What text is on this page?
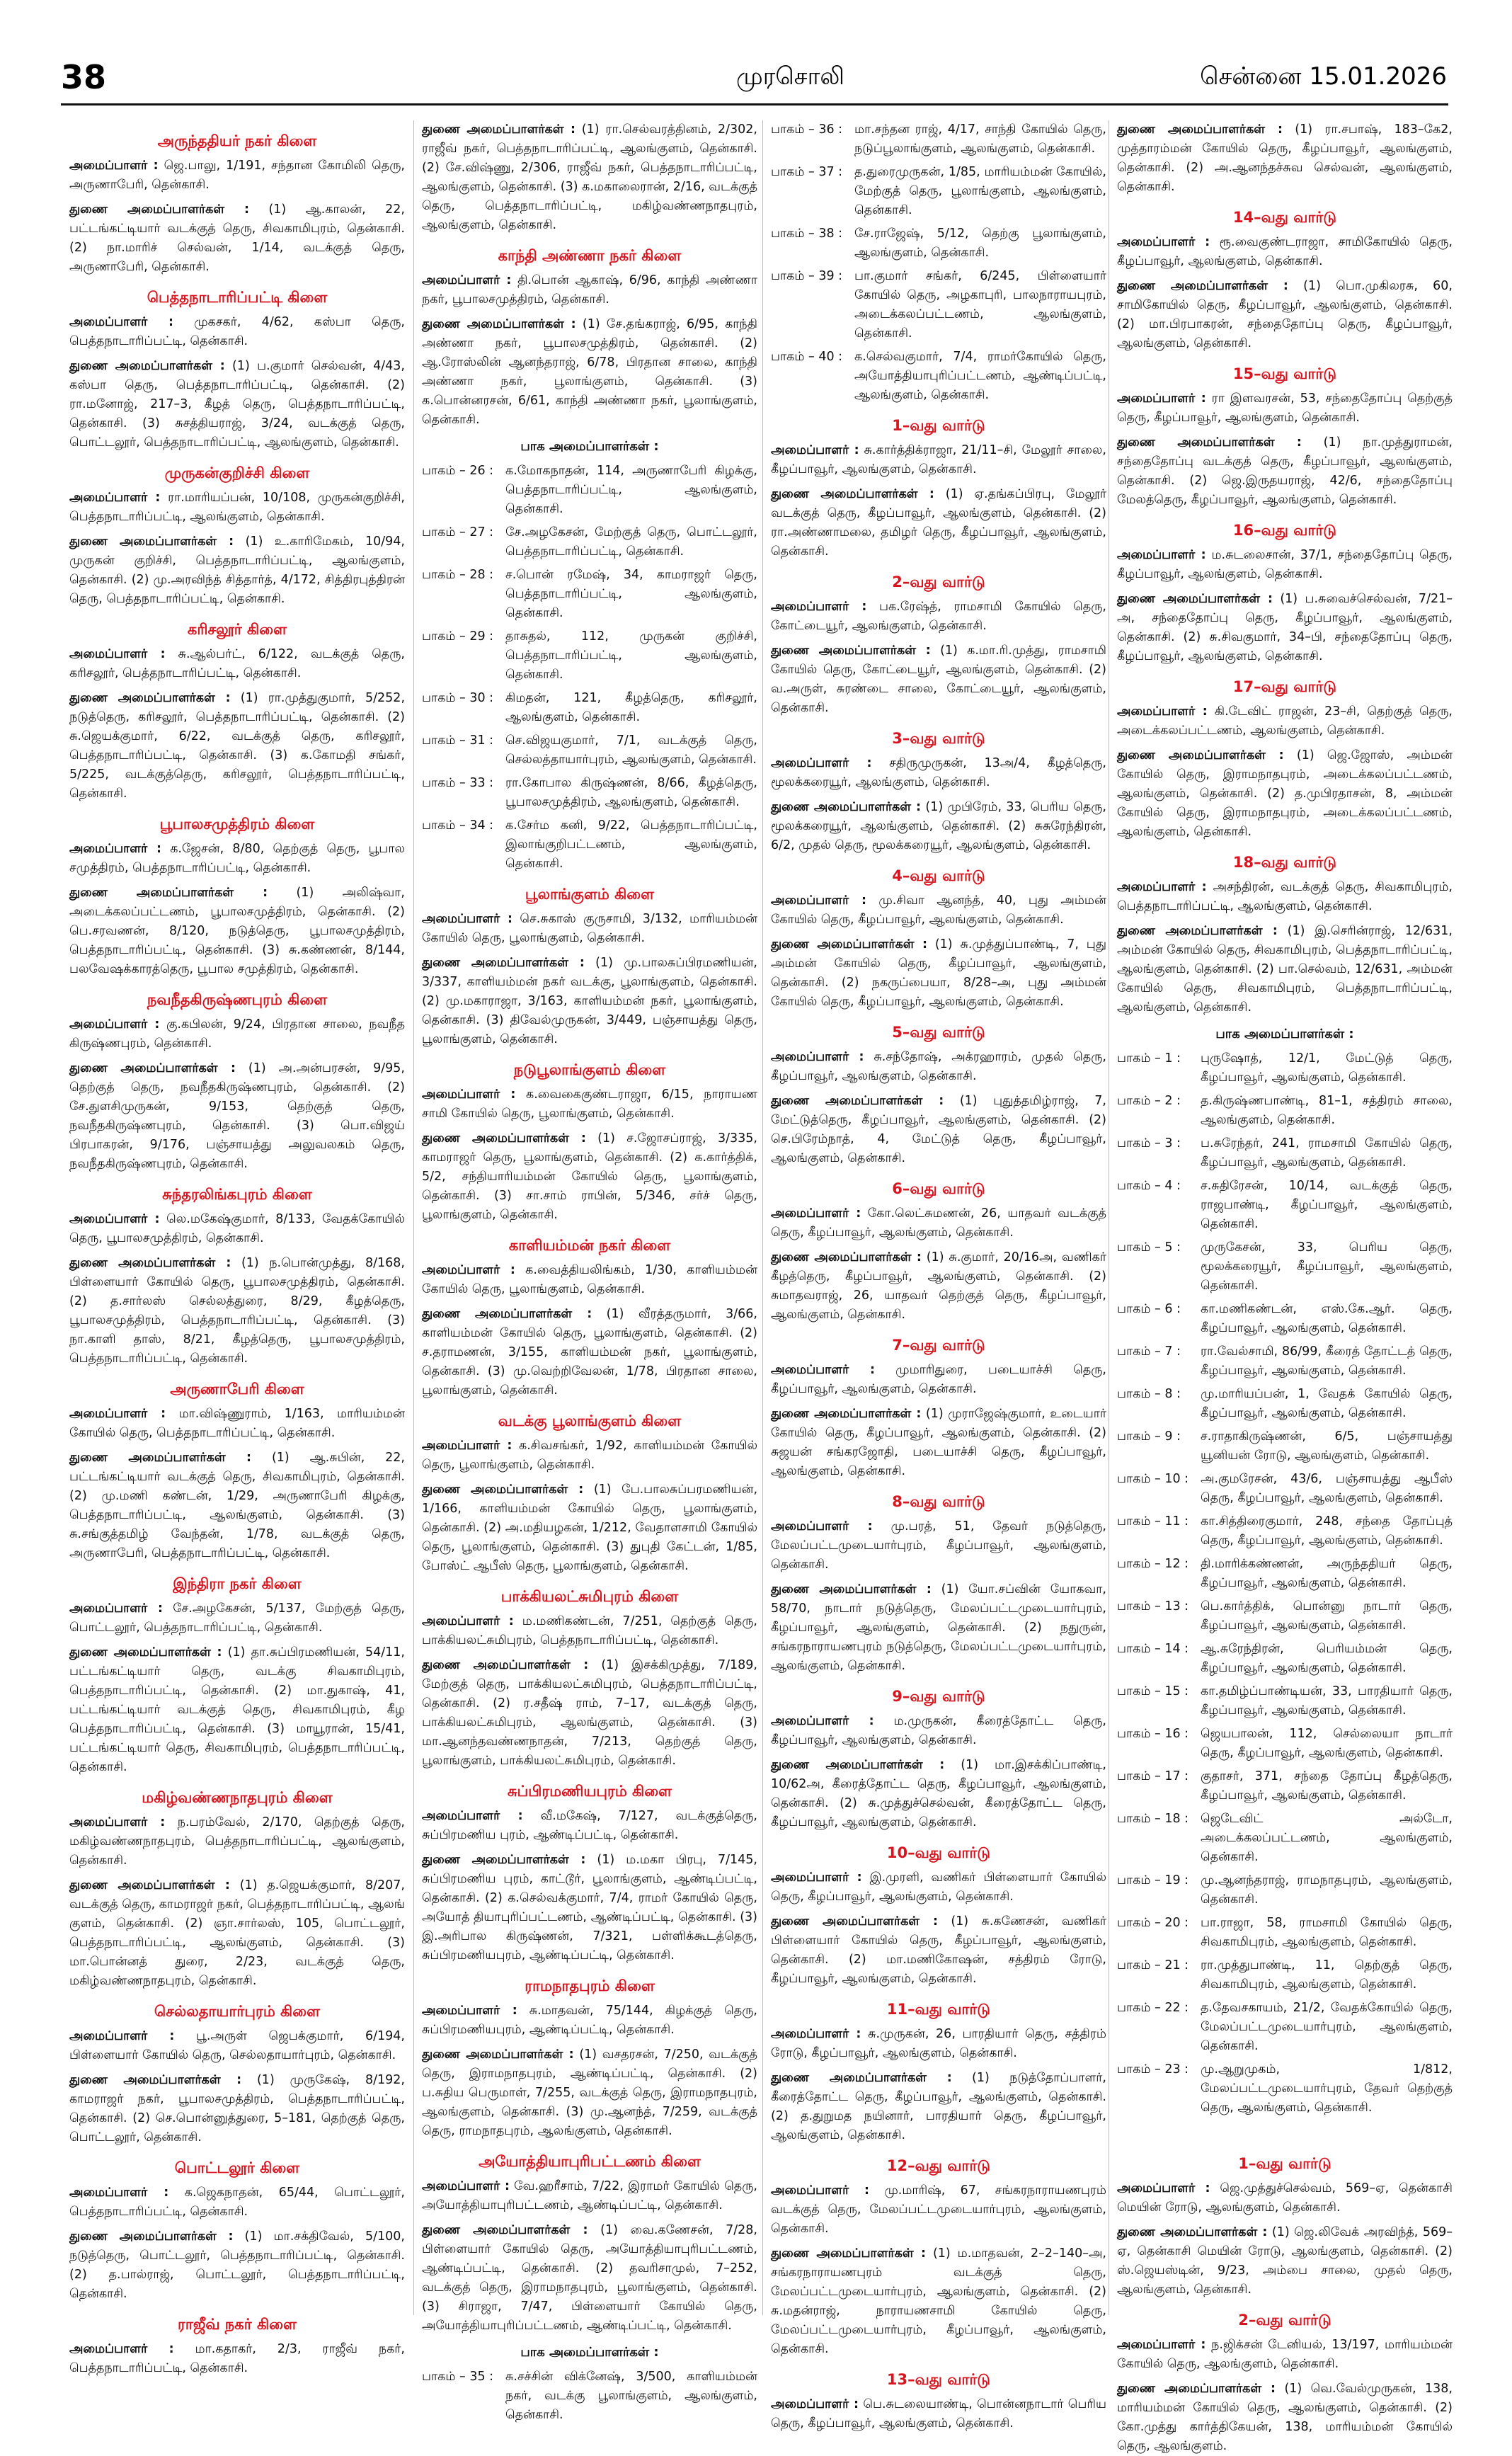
38	முரசொலி	சென்னை 15.01.2026
அருந்ததியர் நகர் கிளை
அமைப்பாளர் : ஜெ.பாலு, 1/191, சந்தான கோமிலி தெரு, அருணாபேரி, தென்காசி.
துணை அமைப்பாளர்கள் : (1) ஆ.காலன், 22, பட்டங்கட்டியார் வடக்குத் தெரு, சிவகாமிபுரம், தென்காசி. (2) நா.மாரிச் செல்வன், 1/14, வடக்குத் தெரு, அருணாபேரி, தென்காசி.
பெத்தநாடாரிப்பட்டி கிளை
அமைப்பாளர் : முகசகர், 4/62, கஸ்பா தெரு, பெத்தநாடாரிப்பட்டி, தென்காசி.
துணை அமைப்பாளர்கள் : (1) ப.குமார் செல்வன், 4/43, கஸ்பா தெரு, பெத்தநாடாரிப்பட்டி, தென்காசி. (2) ரா.மனோஜ், 217–3, கீழத் தெரு, பெத்தநாடாரிப்பட்டி, தென்காசி. (3) சுசத்தியராஜ், 3/24, வடக்குத் தெரு, பொட்டலூர், பெத்தநாடாரிப்பட்டி, ஆலங்குளம், தென்காசி.
முருகன்குறிச்சி கிளை
அமைப்பாளர் : ரா.மாரியப்பன், 10/108, முருகன்குறிச்சி, பெத்தநாடாரிப்பட்டி, ஆலங்குளம், தென்காசி.
துணை அமைப்பாளர்கள் : (1) உ.காரிமேகம், 10/94, முருகன் குறிச்சி, பெத்தநாடாரிப்பட்டி, ஆலங்குளம், தென்காசி. (2) மு.அரவிந்த் சித்தார்த், 4/172, சித்திரபுத்திரன் தெரு, பெத்தநாடாரிப்பட்டி, தென்காசி.
கரிசலூர் கிளை
அமைப்பாளர் : சு.ஆல்பர்ட், 6/122, வடக்குத் தெரு, கரிசலூர், பெத்தநாடாரிப்பட்டி, தென்காசி.
துணை அமைப்பாளர்கள் : (1) ரா.முத்துகுமார், 5/252, நடுத்தெரு, கரிசலூர், பெத்தநாடாரிப்பட்டி, தென்காசி. (2) சு.ஜெயக்குமார், 6/22, வடக்குத் தெரு, கரிசலூர், பெத்தநாடாரிப்பட்டி, தென்காசி. (3) க.கோமதி சங்கர், 5/225, வடக்குத்தெரு, கரிசலூர், பெத்தநாடாரிப்பட்டி, தென்காசி.
பூபாலசமுத்திரம் கிளை
அமைப்பாளர் : க.ஜேசன், 8/80, தெற்குத் தெரு, பூபால சமுத்திரம், பெத்தநாடாரிப்பட்டி, தென்காசி.
துணை அமைப்பாளர்கள் : (1) அலிஷ்வா, அடைக்கலப்பட்டணம், பூபாலசமுத்திரம், தென்காசி. (2) பெ.சரவணன், 8/120, நடுத்தெரு, பூபாலசமுத்திரம், பெத்தநாடாரிப்பட்டி, தென்காசி. (3) சு.கண்ணன், 8/144, பலவேஷக்காரத்தெரு, பூபால சமுத்திரம், தென்காசி.
நவநீதகிருஷ்ணபுரம் கிளை
அமைப்பாளர் : கு.கபிலன், 9/24, பிரதான சாலை, நவநீத கிருஷ்ணபுரம், தென்காசி.
துணை அமைப்பாளர்கள் : (1) அ.அன்பரசன், 9/95, தெற்குத் தெரு, நவநீதகிருஷ்ணபுரம், தென்காசி. (2) சே.துளசிமுருகன், 9/153, தெற்குத் தெரு, நவநீதகிருஷ்ணபுரம், தென்காசி. (3) பொ.விஜய் பிரபாகரன், 9/176, பஞ்சாயத்து அலுவலகம் தெரு, நவநீதகிருஷ்ணபுரம், தென்காசி.
சுந்தரலிங்கபுரம் கிளை
அமைப்பாளர் : லெ.மகேஷ்குமார், 8/133, வேதக்கோயில் தெரு, பூபாலசமுத்திரம், தென்காசி.
துணை அமைப்பாளர்கள் : (1) ந.பொன்முத்து, 8/168, பிள்ளையார் கோயில் தெரு, பூபாலசமுத்திரம், தென்காசி. (2) த.சார்லஸ் செல்லத்துரை, 8/29, கீழத்தெரு, பூபாலசமுத்திரம், பெத்தநாடாரிப்பட்டி, தென்காசி. (3) நா.காளி தாஸ், 8/21, கீழத்தெரு, பூபாலசமுத்திரம், பெத்தநாடாரிப்பட்டி, தென்காசி.
அருணாபேரி கிளை
அமைப்பாளர் : மா.விஷ்ணுராம், 1/163, மாரியம்மன் கோயில் தெரு, பெத்தநாடாரிப்பட்டி, தென்காசி.
துணை அமைப்பாளர்கள் : (1) ஆ.சுபின், 22, பட்டங்கட்டியார் வடக்குத் தெரு, சிவகாமிபுரம், தென்காசி. (2) மு.மணி கண்டன், 1/29, அருணாபேரி கிழக்கு, பெத்தநாடாரிப்பட்டி, ஆலங்குளம், தென்காசி. (3) சு.சங்குத்தமிழ் வேந்தன், 1/78, வடக்குத் தெரு, அருணாபேரி, பெத்தநாடாரிப்பட்டி, தென்காசி.
இந்திரா நகர் கிளை
அமைப்பாளர் : சே.அழகேசன், 5/137, மேற்குத் தெரு, பொட்டலூர், பெத்தநாடாரிப்பட்டி, தென்காசி.
துணை அமைப்பாளர்கள் : (1) தா.சுப்பிரமணியன், 54/11, பட்டங்கட்டியார் தெரு, வடக்கு சிவகாமிபுரம், பெத்தநாடாரிப்பட்டி, தென்காசி. (2) மா.துகாஷ், 41, பட்டங்கட்டியார் வடக்குத் தெரு, சிவகாமிபுரம், கீழ பெத்தநாடாரிப்பட்டி, தென்காசி. (3) மாயூரான், 15/41, பட்டங்கட்டியார் தெரு, சிவகாமிபுரம், பெத்தநாடாரிப்பட்டி, தென்காசி.
மகிழ்வண்ணநாதபுரம் கிளை
அமைப்பாளர் : ந.பரம்வேல், 2/170, தெற்குத் தெரு, மகிழ்வண்ணநாதபுரம், பெத்தநாடாரிப்பட்டி, ஆலங்குளம், தென்காசி.
துணை அமைப்பாளர்கள் : (1) த.ஜெயக்குமார், 8/207, வடக்குத் தெரு, காமராஜர் நகர், பெத்தநாடாரிப்பட்டி, ஆலங் குளம், தென்காசி. (2) ஞா.சார்லஸ், 105, பொட்டலூர், பெத்தநாடாரிப்பட்டி, ஆலங்குளம், தென்காசி. (3) மா.பொன்னத் துரை, 2/23, வடக்குத் தெரு, மகிழ்வண்ணநாதபுரம், தென்காசி.
செல்லதாயார்புரம் கிளை
அமைப்பாளர் : பூ.அருள் ஜெபக்குமார், 6/194, பிள்ளையார் கோயில் தெரு, செல்லதாயார்புரம், தென்காசி.
துணை அமைப்பாளர்கள் : (1) முருகேஷ், 8/192, காமராஜர் நகர், பூபாலசமுத்திரம், பெத்தநாடாரிப்பட்டி, தென்காசி. (2) செ.பொன்னுத்துரை, 5–181, தெற்குத் தெரு, பொட்டலூர், தென்காசி.
பொட்டலூர் கிளை
அமைப்பாளர் : க.ஜெகநாதன், 65/44, பொட்டலூர், பெத்தநாடாரிப்பட்டி, தென்காசி.
துணை அமைப்பாளர்கள் : (1) மா.சக்திவேல், 5/100, நடுத்தெரு, பொட்டலூர், பெத்தநாடாரிப்பட்டி, தென்காசி. (2) த.பால்ராஜ், பொட்டலூர், பெத்தநாடாரிப்பட்டி, தென்காசி.
ராஜீவ் நகர் கிளை
அமைப்பாளர் : மா.கதாகர், 2/3, ராஜீவ் நகர், பெத்தநாடாரிப்பட்டி, தென்காசி.
துணை அமைப்பாளர்கள் : (1) ரா.செல்வரத்தினம், 2/302, ராஜீவ் நகர், பெத்தநாடாரிப்பட்டி, ஆலங்குளம், தென்காசி. (2) சே.விஷ்ணு, 2/306, ராஜீவ் நகர், பெத்தநாடாரிப்பட்டி, ஆலங்குளம், தென்காசி. (3) க.மகாலைரான், 2/16, வடக்குத் தெரு, பெத்தநாடாரிப்பட்டி, மகிழ்வண்ணநாதபுரம், ஆலங்குளம், தென்காசி.
காந்தி அண்ணா நகர் கிளை
அமைப்பாளர் : தி.பொன் ஆகாஷ், 6/96, காந்தி அண்ணா நகர், பூபாலசமுத்திரம், தென்காசி.
துணை அமைப்பாளர்கள் : (1) சே.தங்கராஜ், 6/95, காந்தி அண்ணா நகர், பூபாலசமுத்திரம், தென்காசி. (2) ஆ.ரோஸ்லின் ஆனந்தராஜ், 6/78, பிரதான சாலை, காந்தி அண்ணா நகர், பூலாங்குளம், தென்காசி. (3) க.பொன்னரசன், 6/61, காந்தி அண்ணா நகர், பூலாங்குளம், தென்காசி.
பாக அமைப்பாளர்கள் :
பாகம் – 26 : க.மோகநாதன், 114, அருணாபேரி கிழக்கு, பெத்தநாடாரிப்பட்டி, ஆலங்குளம், தென்காசி.
பாகம் – 27 : சே.அழகேசன், மேற்குத் தெரு, பொட்டலூர், பெத்தநாடாரிப்பட்டி, தென்காசி.
பாகம் – 28 : ச.பொன் ரமேஷ், 34, காமராஜர் தெரு, பெத்தநாடாரிப்பட்டி, ஆலங்குளம், தென்காசி.
பாகம் – 29 : தாசுதல், 112, முருகன் குறிச்சி, பெத்தநாடாரிப்பட்டி, ஆலங்குளம், தென்காசி.
பாகம் – 30 : கிமதன், 121, கீழத்தெரு, கரிசலூர், ஆலங்குளம், தென்காசி.
பாகம் – 31 : செ.விஜயகுமார், 7/1, வடக்குத் தெரு, செல்லத்தாயார்புரம், ஆலங்குளம், தென்காசி.
பாகம் – 33 : ரா.கோபால கிருஷ்ணன், 8/66, கீழத்தெரு, பூபாலசமுத்திரம், ஆலங்குளம், தென்காசி.
பாகம் – 34 : க.சேர்ம கனி, 9/22, பெத்தநாடாரிப்பட்டி, இலாங்குறிபட்டணம், ஆலங்குளம், தென்காசி.
பூலாங்குளம் கிளை
அமைப்பாளர் : செ.சுகாஸ் குருசாமி, 3/132, மாரியம்மன் கோயில் தெரு, பூலாங்குளம், தென்காசி.
துணை அமைப்பாளர்கள் : (1) மு.பாலசுப்பிரமணியன், 3/337, காளியம்மன் நகர் வடக்கு, பூலாங்குளம், தென்காசி. (2) மு.மகாராஜா, 3/163, காளியம்மன் நகர், பூலாங்குளம், தென்காசி. (3) திவேல்முருகன், 3/449, பஞ்சாயத்து தெரு, பூலாங்குளம், தென்காசி.
நடுபூலாங்குளம் கிளை
அமைப்பாளர் : க.வைகைகுண்டராஜா, 6/15, நாராயண சாமி கோயில் தெரு, பூலாங்குளம், தென்காசி.
துணை அமைப்பாளர்கள் : (1) ச.ஜோசப்ராஜ், 3/335, காமராஜர் தெரு, பூலாங்குளம், தென்காசி. (2) க.கார்த்திக், 5/2, சந்தியாரியம்மன் கோயில் தெரு, பூலாங்குளம், தென்காசி. (3) சா.சாம் ராபின், 5/346, சர்ச் தெரு, பூலாங்குளம், தென்காசி.
காளியம்மன் நகர் கிளை
அமைப்பாளர் : க.வைத்தியலிங்கம், 1/30, காளியம்மன் கோயில் தெரு, பூலாங்குளம், தென்காசி.
துணை அமைப்பாளர்கள் : (1) வீரத்தருமார், 3/66, காளியம்மன் கோயில் தெரு, பூலாங்குளம், தென்காசி. (2) ச.தராமணன், 3/155, காளியம்மன் நகர், பூலாங்குளம், தென்காசி. (3) மு.வெற்றிவேலன், 1/78, பிரதான சாலை, பூலாங்குளம், தென்காசி.
வடக்கு பூலாங்குளம் கிளை
அமைப்பாளர் : க.சிவசங்கர், 1/92, காளியம்மன் கோயில் தெரு, பூலாங்குளம், தென்காசி.
துணை அமைப்பாளர்கள் : (1) பே.பாலசுப்பரமணியன், 1/166, காளியம்மன் கோயில் தெரு, பூலாங்குளம், தென்காசி. (2) அ.மதியழகன், 1/212, வேதாளசாமி கோயில் தெரு, பூலாங்குளம், தென்காசி. (3) துபுதி கேட்டன், 1/85, போஸ்ட் ஆபீஸ் தெரு, பூலாங்குளம், தென்காசி.
பாக்கியலட்சுமிபுரம் கிளை
அமைப்பாளர் : ம.மணிகண்டன், 7/251, தெற்குத் தெரு, பாக்கியலட்சுமிபுரம், பெத்தநாடாரிப்பட்டி, தென்காசி.
துணை அமைப்பாளர்கள் : (1) இசக்கிமுத்து, 7/189, மேற்குத் தெரு, பாக்கியலட்சுமிபுரம், பெத்தநாடாரிப்பட்டி, தென்காசி. (2) ர.சதீஷ் ராம், 7–17, வடக்குத் தெரு, பாக்கியலட்சுமிபுரம், ஆலங்குளம், தென்காசி. (3) மா.ஆனந்தவண்ணநாதன், 7/213, தெற்குத் தெரு, பூலாங்குளம், பாக்கியலட்சுமிபுரம், தென்காசி.
சுப்பிரமணியபுரம் கிளை
அமைப்பாளர் : வீ.மகேஷ், 7/127, வடக்குத்தெரு, சுப்பிரமணிய புரம், ஆண்டிப்பட்டி, தென்காசி.
துணை அமைப்பாளர்கள் : (1) ம.மகா பிரபு, 7/145, சுப்பிரமணிய புரம், காட்டூர், பூலாங்குளம், ஆண்டிப்பட்டி, தென்காசி. (2) க.செல்வக்குமார், 7/4, ராமர் கோயில் தெரு, அயோத் தியாபுரிப்பட்டணம், ஆண்டிப்பட்டி, தென்காசி. (3) இ.அரிபால கிருஷ்ணன், 7/321, பள்ளிக்கூடத்தெரு, சுப்பிரமணியபுரம், ஆண்டிப்பட்டி, தென்காசி.
ராமநாதபுரம் கிளை
அமைப்பாளர் : சு.மாதவன், 75/144, கிழக்குத் தெரு, சுப்பிரமணியபுரம், ஆண்டிப்பட்டி, தென்காசி.
துணை அமைப்பாளர்கள் : (1) வசதரசன், 7/250, வடக்குத் தெரு, இராமநாதபுரம், ஆண்டிப்பட்டி, தென்காசி. (2) ப.சுதிய பெருமாள், 7/255, வடக்குத் தெரு, இராமநாதபுரம், ஆலங்குளம், தென்காசி. (3) மு.ஆனந்த், 7/259, வடக்குத் தெரு, ராமநாதபுரம், ஆலங்குளம், தென்காசி.
அயோத்தியாபுரிபட்டணம் கிளை
அமைப்பாளர் : வே.ஹரீசாம், 7/22, இராமர் கோயில் தெரு, அயோத்தியாபுரிபட்டணம், ஆண்டிப்பட்டி, தென்காசி.
துணை அமைப்பாளர்கள் : (1) வை.கணேசன், 7/28, பிள்ளையார் கோயில் தெரு, அயோத்தியாபுரிபட்டணம், ஆண்டிப்பட்டி, தென்காசி. (2) தவரிசாமுல், 7–252, வடக்குத் தெரு, இராமநாதபுரம், பூலாங்குளம், தென்காசி. (3) சிராஜா, 7/47, பிள்ளையார் கோயில் தெரு, அயோத்தியாபுரிப்பட்டணம், ஆண்டிப்பட்டி, தென்காசி.
பாக அமைப்பாளர்கள் :
பாகம் – 35 : சு.சச்சின் விக்னேஷ், 3/500, காளியம்மன் நகர், வடக்கு பூலாங்குளம், ஆலங்குளம், தென்காசி.
பாகம் – 36 : மா.சந்தன ராஜ், 4/17, சாந்தி கோயில் தெரு, நடுப்பூலாங்குளம், ஆலங்குளம், தென்காசி.
பாகம் – 37 : த.துரைமுருகன், 1/85, மாரியம்மன் கோயில், மேற்குத் தெரு, பூலாங்குளம், ஆலங்குளம், தென்காசி.
பாகம் – 38 : சே.ராஜேஷ், 5/12, தெற்கு பூலாங்குளம், ஆலங்குளம், தென்காசி.
பாகம் – 39 : பா.குமார் சங்கர், 6/245, பிள்ளையார் கோயில் தெரு, அழகாபுரி, பாலநாராயபுரம், அடைக்கலப்பட்டணம், ஆலங்குளம், தென்காசி.
பாகம் – 40 : க.செல்வகுமார், 7/4, ராமர்கோயில் தெரு, அயோத்தியாபுரிப்பட்டணம், ஆண்டிப்பட்டி, ஆலங்குளம், தென்காசி.
1–வது வார்டு
அமைப்பாளர் : சு.கார்த்திக்ராஜா, 21/11–சி, மேலூர் சாலை, கீழப்பாவூர், ஆலங்குளம், தென்காசி.
துணை அமைப்பாளர்கள் : (1) ஏ.தங்கப்பிரபு, மேலூர் வடக்குத் தெரு, கீழப்பாவூர், ஆலங்குளம், தென்காசி. (2) ரா.அண்ணாமலை, தமிழர் தெரு, கீழப்பாவூர், ஆலங்குளம், தென்காசி.
2–வது வார்டு
அமைப்பாளர் : பக.ரேஷ்த், ராமசாமி கோயில் தெரு, கோட்டையூர், ஆலங்குளம், தென்காசி.
துணை அமைப்பாளர்கள் : (1) க.மா.ரி.முத்து, ராமசாமி கோயில் தெரு, கோட்டையூர், ஆலங்குளம், தென்காசி. (2) வ.அருள், சுரண்டை சாலை, கோட்டையூர், ஆலங்குளம், தென்காசி.
3–வது வார்டு
அமைப்பாளர் : சதிருமுருகன், 13அ/4, கீழத்தெரு, மூலக்கரையூர், ஆலங்குளம், தென்காசி.
துணை அமைப்பாளர்கள் : (1) முபிரேம், 33, பெரிய தெரு, மூலக்கரையூர், ஆலங்குளம், தென்காசி. (2) சுசுரேந்திரன், 6/2, முதல் தெரு, மூலக்கரையூர், ஆலங்குளம், தென்காசி.
4–வது வார்டு
அமைப்பாளர் : மு.சிவா ஆனந்த், 40, புது அம்மன் கோயில் தெரு, கீழப்பாவூர், ஆலங்குளம், தென்காசி.
துணை அமைப்பாளர்கள் : (1) சு.முத்துப்பாண்டி, 7, புது அம்மன் கோயில் தெரு, கீழப்பாவூர், ஆலங்குளம், தென்காசி. (2) நகருப்பையா, 8/28–அ, புது அம்மன் கோயில் தெரு, கீழப்பாவூர், ஆலங்குளம், தென்காசி.
5–வது வார்டு
அமைப்பாளர் : சு.சந்தோஷ், அக்ரஹாரம், முதல் தெரு, கீழப்பாவூர், ஆலங்குளம், தென்காசி.
துணை அமைப்பாளர்கள் : (1) புதுத்தமிழ்ராஜ், 7, மேட்டுத்தெரு, கீழப்பாவூர், ஆலங்குளம், தென்காசி. (2) செ.பிரேம்நாத், 4, மேட்டுத் தெரு, கீழப்பாவூர், ஆலங்குளம், தென்காசி.
6–வது வார்டு
அமைப்பாளர் : கோ.லெட்சுமணன், 26, யாதவர் வடக்குத் தெரு, கீழப்பாவூர், ஆலங்குளம், தென்காசி.
துணை அமைப்பாளர்கள் : (1) சு.குமார், 20/16அ, வணிகர் கீழத்தெரு, கீழப்பாவூர், ஆலங்குளம், தென்காசி. (2) சுமாதவராஜ், 26, யாதவர் தெற்குத் தெரு, கீழப்பாவூர், ஆலங்குளம், தென்காசி.
7–வது வார்டு
அமைப்பாளர் : முமாரிதுரை, படையாச்சி தெரு, கீழப்பாவூர், ஆலங்குளம், தென்காசி.
துணை அமைப்பாளர்கள் : (1) முராஜேஷ்குமார், உடையார் கோயில் தெரு, கீழப்பாவூர், ஆலங்குளம், தென்காசி. (2) சுஜயன் சங்கரஜோதி, படையாச்சி தெரு, கீழப்பாவூர், ஆலங்குளம், தென்காசி.
8–வது வார்டு
அமைப்பாளர் : மு.பரத், 51, தேவர் நடுத்தெரு, மேலப்பட்டமுடையார்புரம், கீழப்பாவூர், ஆலங்குளம், தென்காசி.
துணை அமைப்பாளர்கள் : (1) யோ.சப்வின் யோகவா, 58/70, நாடார் நடுத்தெரு, மேலப்பட்டமுடையார்புரம், கீழப்பாவூர், ஆலங்குளம், தென்காசி. (2) நதுருன், சங்கரநாராயணபுரம் நடுத்தெரு, மேலப்பட்டமுடையார்புரம், ஆலங்குளம், தென்காசி.
9–வது வார்டு
அமைப்பாளர் : ம.முருகன், கீரைத்தோட்ட தெரு, கீழப்பாவூர், ஆலங்குளம், தென்காசி.
துணை அமைப்பாளர்கள் : (1) மா.இசக்கிப்பாண்டி, 10/62அ, கீரைத்தோட்ட தெரு, கீழப்பாவூர், ஆலங்குளம், தென்காசி. (2) சு.முத்துச்செல்வன், கீரைத்தோட்ட தெரு, கீழப்பாவூர், ஆலங்குளம், தென்காசி.
10–வது வார்டு
அமைப்பாளர் : இ.முரளி, வணிகர் பிள்ளையார் கோயில் தெரு, கீழப்பாவூர், ஆலங்குளம், தென்காசி.
துணை அமைப்பாளர்கள் : (1) சு.கணேசன், வணிகர் பிள்ளையார் கோயில் தெரு, கீழப்பாவூர், ஆலங்குளம், தென்காசி. (2) மா.மணிகோஷன், சத்திரம் ரோடு, கீழப்பாவூர், ஆலங்குளம், தென்காசி.
11–வது வார்டு
அமைப்பாளர் : சு.முருகன், 26, பாரதியார் தெரு, சத்திரம் ரோடு, கீழப்பாவூர், ஆலங்குளம், தென்காசி.
துணை அமைப்பாளர்கள் : (1) நடுத்தோப்பாளர், கீரைத்தோட்ட தெரு, கீழப்பாவூர், ஆலங்குளம், தென்காசி. (2) த.துறுமத நயினார், பாரதியார் தெரு, கீழப்பாவூர், ஆலங்குளம், தென்காசி.
12–வது வார்டு
அமைப்பாளர் : மு.மாரிஷ், 67, சங்கரநாராயணபுரம் வடக்குத் தெரு, மேலப்பட்டமுடையார்புரம், ஆலங்குளம், தென்காசி.
துணை அமைப்பாளர்கள் : (1) ம.மாதவன், 2–2–140–அ, சங்கரநாராயணபுரம் வடக்குத் தெரு, மேலப்பட்டமுடையார்புரம், ஆலங்குளம், தென்காசி. (2) சு.மதன்ராஜ், நாராயணசாமி கோயில் தெரு, மேலப்பட்டமுடையார்புரம், கீழப்பாவூர், ஆலங்குளம், தென்காசி.
13–வது வார்டு
அமைப்பாளர் : பெ.சுடலையாண்டி, பொன்னநாடார் பெரிய தெரு, கீழப்பாவூர், ஆலங்குளம், தென்காசி.
துணை அமைப்பாளர்கள் : (1) ரா.சபாஷ், 183–கே2, முத்தாரம்மன் கோயில் தெரு, கீழப்பாவூர், ஆலங்குளம், தென்காசி. (2) அ.ஆனந்தச்சுவ செல்வன், ஆலங்குளம், தென்காசி.
14–வது வார்டு
அமைப்பாளர் : ரூ.வைகுண்டராஜா, சாமிகோயில் தெரு, கீழப்பாவூர், ஆலங்குளம், தென்காசி.
துணை அமைப்பாளர்கள் : (1) பொ.முகிலரசு, 60, சாமிகோயில் தெரு, கீழப்பாவூர், ஆலங்குளம், தென்காசி. (2) மா.பிரபாகரன், சந்தைதோப்பு தெரு, கீழப்பாவூர், ஆலங்குளம், தென்காசி.
15–வது வார்டு
அமைப்பாளர் : ரா இளவரசன், 53, சந்தைதோப்பு தெற்குத் தெரு, கீழப்பாவூர், ஆலங்குளம், தென்காசி.
துணை அமைப்பாளர்கள் : (1) நா.முத்துராமன், சந்தைதோப்பு வடக்குத் தெரு, கீழப்பாவூர், ஆலங்குளம், தென்காசி. (2) ஜெ.இருதயராஜ், 42/6, சந்தைதோப்பு மேலத்தெரு, கீழப்பாவூர், ஆலங்குளம், தென்காசி.
16–வது வார்டு
அமைப்பாளர் : ம.சுடலைசான், 37/1, சந்தைதோப்பு தெரு, கீழப்பாவூர், ஆலங்குளம், தென்காசி.
துணை அமைப்பாளர்கள் : (1) ப.சுவைச்செல்வன், 7/21–அ, சந்தைதோப்பு தெரு, கீழப்பாவூர், ஆலங்குளம், தென்காசி. (2) சு.சிவகுமார், 34–பி, சந்தைதோப்பு தெரு, கீழப்பாவூர், ஆலங்குளம், தென்காசி.
17–வது வார்டு
அமைப்பாளர் : கி.டேவிட் ராஜன், 23–சி, தெற்குத் தெரு, அடைக்கலப்பட்டணம், ஆலங்குளம், தென்காசி.
துணை அமைப்பாளர்கள் : (1) ஜெ.ஜோஸ், அம்மன் கோயில் தெரு, இராமநாதபுரம், அடைக்கலப்பட்டணம், ஆலங்குளம், தென்காசி. (2) த.முபிரதாசன், 8, அம்மன் கோயில் தெரு, இராமநாதபுரம், அடைக்கலப்பட்டணம், ஆலங்குளம், தென்காசி.
18–வது வார்டு
அமைப்பாளர் : அசந்திரன், வடக்குத் தெரு, சிவகாமிபுரம், பெத்தநாடாரிப்பட்டி, ஆலங்குளம், தென்காசி.
துணை அமைப்பாளர்கள் : (1) இ.செரின்ராஜ், 12/631, அம்மன் கோயில் தெரு, சிவகாமிபுரம், பெத்தநாடாரிப்பட்டி, ஆலங்குளம், தென்காசி. (2) பா.செல்வம், 12/631, அம்மன் கோயில் தெரு, சிவகாமிபுரம், பெத்தநாடாரிப்பட்டி, ஆலங்குளம், தென்காசி.
பாக அமைப்பாளர்கள் :
பாகம் – 1 :	புருஷோத், 12/1, மேட்டுத் தெரு, கீழப்பாவூர், ஆலங்குளம், தென்காசி.
பாகம் – 2 :	த.கிருஷ்ணபாண்டி, 81–1, சத்திரம் சாலை, ஆலங்குளம், தென்காசி.
பாகம் – 3 :	ப.சுரேந்தர், 241, ராமசாமி கோயில் தெரு, கீழப்பாவூர், ஆலங்குளம், தென்காசி.
பாகம் – 4 :	ச.சுதிரேசன், 10/14, வடக்குத் தெரு, ராஜபாண்டி, கீழப்பாவூர், ஆலங்குளம், தென்காசி.
பாகம் – 5 :	முருகேசன், 33, பெரிய தெரு, மூலக்கரையூர், கீழப்பாவூர், ஆலங்குளம், தென்காசி.
பாகம் – 6 :	கா.மணிகண்டன், எஸ்.கே.ஆர். தெரு, கீழப்பாவூர், ஆலங்குளம், தென்காசி.
பாகம் – 7 :	ரா.வேல்சாமி, 86/99, கீரைத் தோட்டத் தெரு, கீழப்பாவூர், ஆலங்குளம், தென்காசி.
பாகம் – 8 :	மு.மாரியப்பன், 1, வேதக் கோயில் தெரு, கீழப்பாவூர், ஆலங்குளம், தென்காசி.
பாகம் – 9 :	ச.ராதாகிருஷ்ணன், 6/5, பஞ்சாயத்து யூனியன் ரோடு, ஆலங்குளம், தென்காசி.
பாகம் – 10 : அ.குமரேசன், 43/6, பஞ்சாயத்து ஆபீஸ் தெரு, கீழப்பாவூர், ஆலங்குளம், தென்காசி.
பாகம் – 11 : கா.சித்திரைகுமார், 248, சந்தை தோப்புத் தெரு, கீழப்பாவூர், ஆலங்குளம், தென்காசி.
பாகம் – 12 : தி.மாரிக்கண்ணன், அருந்ததியர் தெரு, கீழப்பாவூர், ஆலங்குளம், தென்காசி.
பாகம் – 13 : பெ.கார்த்திக், பொன்னு நாடார் தெரு, கீழப்பாவூர், ஆலங்குளம், தென்காசி.
பாகம் – 14 : ஆ.சுரேந்திரன், பெரியம்மன் தெரு, கீழப்பாவூர், ஆலங்குளம், தென்காசி.
பாகம் – 15 : கா.தமிழ்ப்பாண்டியன், 33, பாரதியார் தெரு, கீழப்பாவூர், ஆலங்குளம், தென்காசி.
பாகம் – 16 : ஜெயபாலன், 112, செல்லையா நாடார் தெரு, கீழப்பாவூர், ஆலங்குளம், தென்காசி.
பாகம் – 17 : குதாசர், 371, சந்தை தோப்பு கீழத்தெரு, கீழப்பாவூர், ஆலங்குளம், தென்காசி.
பாகம் – 18 : ஜெடேவிட் அல்டோ, அடைக்கலப்பட்டணம், ஆலங்குளம், தென்காசி.
பாகம் – 19 : மு.ஆனந்தராஜ், ராமநாதபுரம், ஆலங்குளம், தென்காசி.
பாகம் – 20 : பா.ராஜா, 58, ராமசாமி கோயில் தெரு, சிவகாமிபுரம், ஆலங்குளம், தென்காசி.
பாகம் – 21 : ரா.முத்துபாண்டி, 11, தெற்குத் தெரு, சிவகாமிபுரம், ஆலங்குளம், தென்காசி.
பாகம் – 22 : த.தேவசகாயம், 21/2, வேதக்கோயில் தெரு, மேலப்பட்டமுடையார்புரம், ஆலங்குளம், தென்காசி.
பாகம் – 23 : மு.ஆறுமுகம், 1/812, மேலப்பட்டமுடையார்புரம், தேவர் தெற்குத் தெரு, ஆலங்குளம், தென்காசி.
1–வது வார்டு
அமைப்பாளர் : ஜெ.முத்துச்செல்வம், 569–ஏ, தென்காசி மெயின் ரோடு, ஆலங்குளம், தென்காசி.
துணை அமைப்பாளர்கள் : (1) ஜெ.லிவேக் அரவிந்த், 569–ஏ, தென்காசி மெயின் ரோடு, ஆலங்குளம், தென்காசி. (2) ஸ்.ஜெயஸ்டின், 9/23, அம்பை சாலை, முதல் தெரு, ஆலங்குளம், தென்காசி.
2–வது வார்டு
அமைப்பாளர் : ந.ஜிக்சன் டேனியல், 13/197, மாரியம்மன் கோயில் தெரு, ஆலங்குளம், தென்காசி.
துணை அமைப்பாளர்கள் : (1) வெ.வேல்முருகன், 138, மாரியம்மன் கோயில் தெரு, ஆலங்குளம், தென்காசி. (2) கோ.முத்து கார்த்திகேயன், 138, மாரியம்மன் கோயில் தெரு, ஆலங்குளம்.
